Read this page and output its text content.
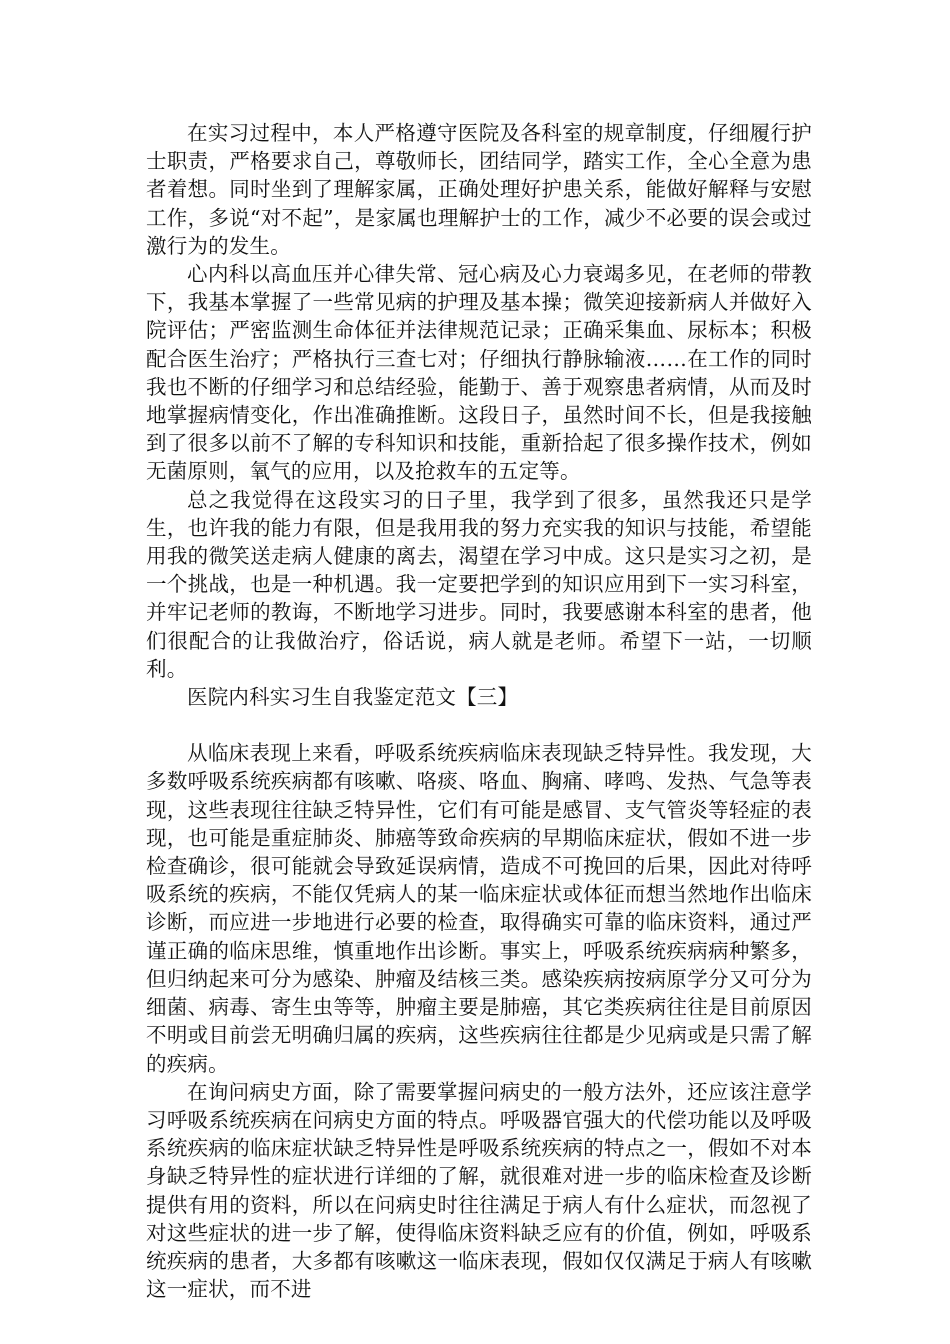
在实习过程中，本人严格遵守医院及各科室的规章制度，仔细履行护士职责，严格要求自己，尊敬师长，团结同学，踏实工作，全心全意为患者着想。同时坐到了理解家属，正确处理好护患关系，能做好解释与安慰工作，多说“对不起”，是家属也理解护士的工作，减少不必要的误会或过激行为的发生。

心内科以高血压并心律失常、冠心病及心力衰竭多见，在老师的带教下，我基本掌握了一些常见病的护理及基本操；微笑迎接新病人并做好入院评估；严密监测生命体征并法律规范记录；正确采集血、尿标本；积极配合医生治疗；严格执行三查七对；仔细执行静脉输液……在工作的同时我也不断的仔细学习和总结经验，能勤于、善于观察患者病情，从而及时地掌握病情变化，作出准确推断。这段日子，虽然时间不长，但是我接触到了很多以前不了解的专科知识和技能，重新拾起了很多操作技术，例如无菌原则，氧气的应用，以及抢救车的五定等。

总之我觉得在这段实习的日子里，我学到了很多，虽然我还只是学生，也许我的能力有限，但是我用我的努力充实我的知识与技能，希望能用我的微笑送走病人健康的离去，渴望在学习中成。这只是实习之初，是一个挑战，也是一种机遇。我一定要把学到的知识应用到下一实习科室，并牢记老师的教诲，不断地学习进步。同时，我要感谢本科室的患者，他们很配合的让我做治疗，俗话说，病人就是老师。希望下一站，一切顺利。

医院内科实习生自我鉴定范文【三】

从临床表现上来看，呼吸系统疾病临床表现缺乏特异性。我发现，大多数呼吸系统疾病都有咳嗽、咯痰、咯血、胸痛、哮鸣、发热、气急等表现，这些表现往往缺乏特异性，它们有可能是感冒、支气管炎等轻症的表现，也可能是重症肺炎、肺癌等致命疾病的早期临床症状，假如不进一步检查确诊，很可能就会导致延误病情，造成不可挽回的后果，因此对待呼吸系统的疾病，不能仅凭病人的某一临床症状或体征而想当然地作出临床诊断，而应进一步地进行必要的检查，取得确实可靠的临床资料，通过严谨正确的临床思维，慎重地作出诊断。事实上，呼吸系统疾病病种繁多，但归纳起来可分为感染、肿瘤及结核三类。感染疾病按病原学分又可分为细菌、病毒、寄生虫等等，肿瘤主要是肺癌，其它类疾病往往是目前原因不明或目前尝无明确归属的疾病，这些疾病往往都是少见病或是只需了解的疾病。

在询问病史方面，除了需要掌握问病史的一般方法外，还应该注意学习呼吸系统疾病在问病史方面的特点。呼吸器官强大的代偿功能以及呼吸系统疾病的临床症状缺乏特异性是呼吸系统疾病的特点之一，假如不对本身缺乏特异性的症状进行详细的了解，就很难对进一步的临床检查及诊断提供有用的资料，所以在问病史时往往满足于病人有什么症状，而忽视了对这些症状的进一步了解，使得临床资料缺乏应有的价值，例如，呼吸系统疾病的患者，大多都有咳嗽这一临床表现，假如仅仅满足于病人有咳嗽这一症状，而不进
